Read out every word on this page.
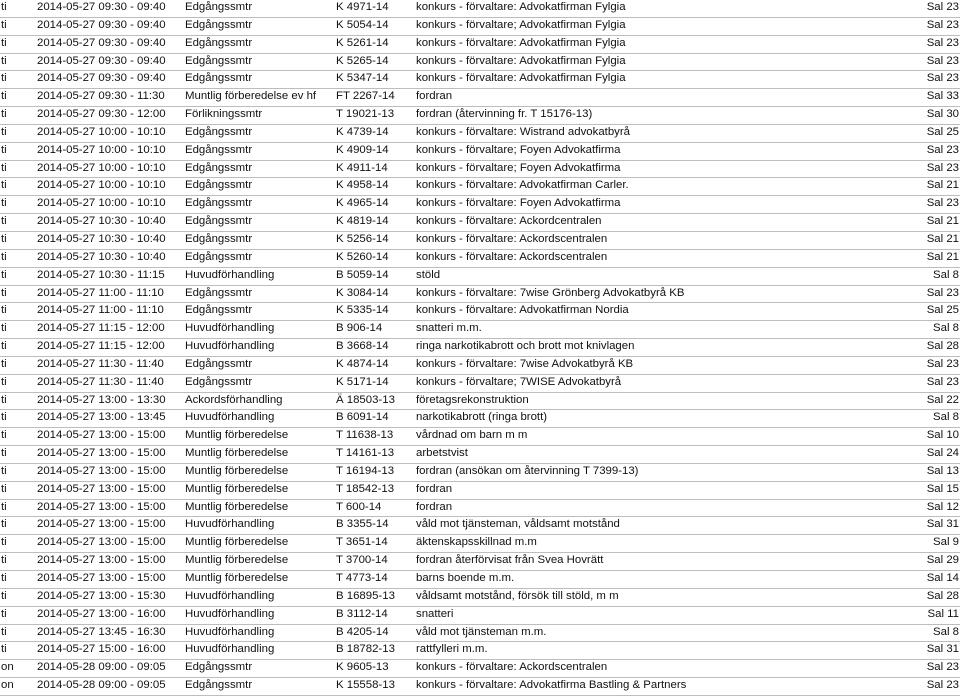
ti	2014-05-27 09:30 - 09:40	Edgångssmtr	K 4971-14	konkurs - förvaltare: Advokatfirman Fylgia	Sal 23
ti	2014-05-27 09:30 - 09:40	Edgångssmtr	K 5054-14	konkurs - förvaltare; Advokatfirman Fylgia	Sal 23
ti	2014-05-27 09:30 - 09:40	Edgångssmtr	K 5261-14	konkurs - förvaltare: Advokatfirman Fylgia	Sal 23
ti	2014-05-27 09:30 - 09:40	Edgångssmtr	K 5265-14	konkurs - förvaltare: Advokatfirman Fylgia	Sal 23
ti	2014-05-27 09:30 - 09:40	Edgångssmtr	K 5347-14	konkurs - förvaltare: Advokatfirman Fylgia	Sal 23
ti	2014-05-27 09:30 - 11:30	Muntlig förberedelse ev hf	FT 2267-14	fordran	Sal 33
ti	2014-05-27 09:30 - 12:00	Förlikningssmtr	T 19021-13	fordran (återvinning fr. T 15176-13)	Sal 30
ti	2014-05-27 10:00 - 10:10	Edgångssmtr	K 4739-14	konkurs - förvaltare: Wistrand advokatbyrå	Sal 25
ti	2014-05-27 10:00 - 10:10	Edgångssmtr	K 4909-14	konkurs - förvaltare; Foyen Advokatfirma	Sal 23
ti	2014-05-27 10:00 - 10:10	Edgångssmtr	K 4911-14	konkurs - förvaltare; Foyen Advokatfirma	Sal 23
ti	2014-05-27 10:00 - 10:10	Edgångssmtr	K 4958-14	konkurs - förvaltare: Advokatfirman Carler.	Sal 21
ti	2014-05-27 10:00 - 10:10	Edgångssmtr	K 4965-14	konkurs - förvaltare: Foyen Advokatfirma	Sal 23
ti	2014-05-27 10:30 - 10:40	Edgångssmtr	K 4819-14	konkurs - förvaltare: Ackordcentralen	Sal 21
ti	2014-05-27 10:30 - 10:40	Edgångssmtr	K 5256-14	konkurs - förvaltare: Ackordscentralen	Sal 21
ti	2014-05-27 10:30 - 10:40	Edgångssmtr	K 5260-14	konkurs - förvaltare: Ackordscentralen	Sal 21
ti	2014-05-27 10:30 - 11:15	Huvudförhandling	B 5059-14	stöld	Sal 8
ti	2014-05-27 11:00 - 11:10	Edgångssmtr	K 3084-14	konkurs - förvaltare: 7wise Grönberg Advokatbyrå KB	Sal 23
ti	2014-05-27 11:00 - 11:10	Edgångssmtr	K 5335-14	konkurs - förvaltare: Advokatfirman Nordia	Sal 25
ti	2014-05-27 11:15 - 12:00	Huvudförhandling	B 906-14	snatteri m.m.	Sal 8
ti	2014-05-27 11:15 - 12:00	Huvudförhandling	B 3668-14	ringa narkotikabrott och brott mot knivlagen	Sal 28
ti	2014-05-27 11:30 - 11:40	Edgångssmtr	K 4874-14	konkurs - förvaltare: 7wise Advokatbyrå KB	Sal 23
ti	2014-05-27 11:30 - 11:40	Edgångssmtr	K 5171-14	konkurs - förvaltare; 7WISE Advokatbyrå	Sal 23
ti	2014-05-27 13:00 - 13:30	Ackordsförhandling	Ä 18503-13	företagsrekonstruktion	Sal 22
ti	2014-05-27 13:00 - 13:45	Huvudförhandling	B 6091-14	narkotikabrott (ringa brott)	Sal 8
ti	2014-05-27 13:00 - 15:00	Muntlig förberedelse	T 11638-13	vårdnad om barn m m	Sal 10
ti	2014-05-27 13:00 - 15:00	Muntlig förberedelse	T 14161-13	arbetstvist	Sal 24
ti	2014-05-27 13:00 - 15:00	Muntlig förberedelse	T 16194-13	fordran (ansökan om återvinning T 7399-13)	Sal 13
ti	2014-05-27 13:00 - 15:00	Muntlig förberedelse	T 18542-13	fordran	Sal 15
ti	2014-05-27 13:00 - 15:00	Muntlig förberedelse	T 600-14	fordran	Sal 12
ti	2014-05-27 13:00 - 15:00	Huvudförhandling	B 3355-14	våld mot tjänsteman, våldsamt motstånd	Sal 31
ti	2014-05-27 13:00 - 15:00	Muntlig förberedelse	T 3651-14	äktenskapsskillnad m.m	Sal 9
ti	2014-05-27 13:00 - 15:00	Muntlig förberedelse	T 3700-14	fordran återförvisat från Svea Hovrätt	Sal 29
ti	2014-05-27 13:00 - 15:00	Muntlig förberedelse	T 4773-14	barns boende m.m.	Sal 14
ti	2014-05-27 13:00 - 15:30	Huvudförhandling	B 16895-13	våldsamt motstånd, försök till stöld, m m	Sal 28
ti	2014-05-27 13:00 - 16:00	Huvudförhandling	B 3112-14	snatteri	Sal 11
ti	2014-05-27 13:45 - 16:30	Huvudförhandling	B 4205-14	våld mot tjänsteman m.m.	Sal 8
ti	2014-05-27 15:00 - 16:00	Huvudförhandling	B 18782-13	rattfylleri m.m.	Sal 31
on	2014-05-28 09:00 - 09:05	Edgångssmtr	K 9605-13	konkurs - förvaltare: Ackordscentralen	Sal 23
on	2014-05-28 09:00 - 09:05	Edgångssmtr	K 15558-13	konkurs - förvaltare: Advokatfirma Bastling & Partners	Sal 23
